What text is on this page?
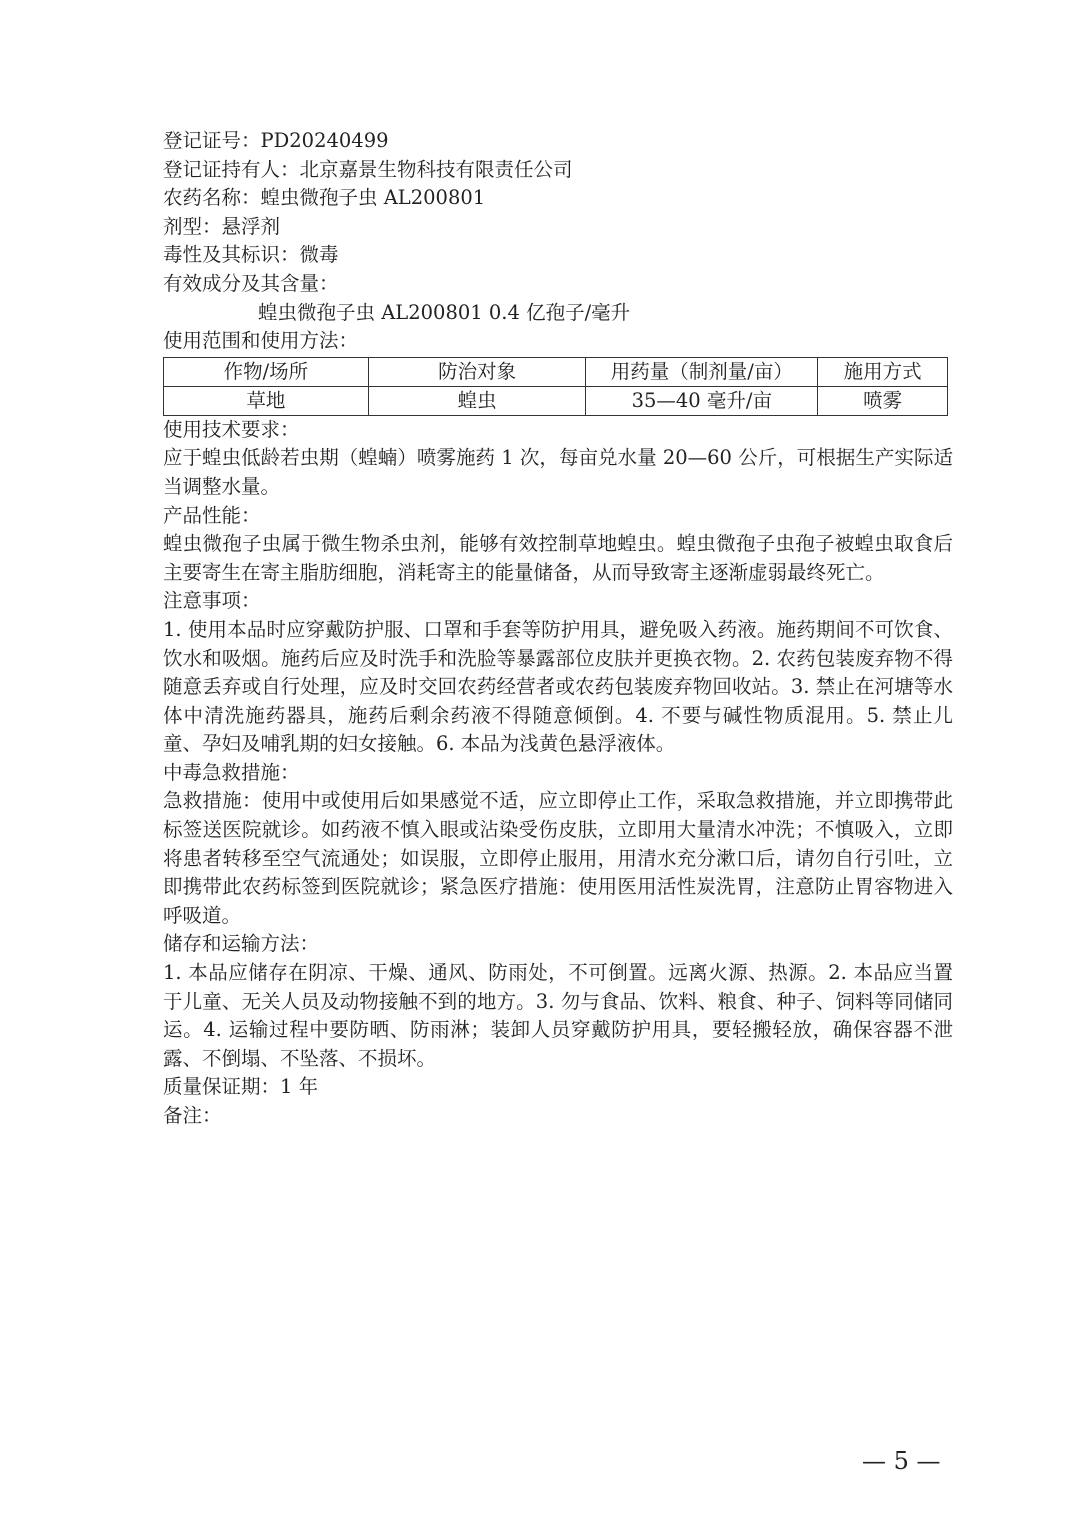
登记证号：PD20240499

登记证持有人：北京嘉景生物科技有限责任公司

农药名称：蝗虫微孢子虫 AL200801

剂型：悬浮剂

毒性及其标识：微毒

有效成分及其含量：

蝗虫微孢子虫 AL200801 0.4 亿孢子/毫升

使用范围和使用方法：

作物/场所	防治对象	用药量（制剂量/亩）	施用方式
草地	蝗虫	35—40 毫升/亩	喷雾

使用技术要求：

应于蝗虫低龄若虫期（蝗蝻）喷雾施药 1 次，每亩兑水量 20—60 公斤，可根据生产实际适当调整水量。

产品性能：

蝗虫微孢子虫属于微生物杀虫剂，能够有效控制草地蝗虫。蝗虫微孢子虫孢子被蝗虫取食后主要寄生在寄主脂肪细胞，消耗寄主的能量储备，从而导致寄主逐渐虚弱最终死亡。

注意事项：

1. 使用本品时应穿戴防护服、口罩和手套等防护用具，避免吸入药液。施药期间不可饮食、饮水和吸烟。施药后应及时洗手和洗脸等暴露部位皮肤并更换衣物。2. 农药包装废弃物不得随意丢弃或自行处理，应及时交回农药经营者或农药包装废弃物回收站。3. 禁止在河塘等水体中清洗施药器具，施药后剩余药液不得随意倾倒。4. 不要与碱性物质混用。5. 禁止儿童、孕妇及哺乳期的妇女接触。6. 本品为浅黄色悬浮液体。

中毒急救措施：

急救措施：使用中或使用后如果感觉不适，应立即停止工作，采取急救措施，并立即携带此标签送医院就诊。如药液不慎入眼或沾染受伤皮肤，立即用大量清水冲洗；不慎吸入，立即将患者转移至空气流通处；如误服，立即停止服用，用清水充分漱口后，请勿自行引吐，立即携带此农药标签到医院就诊；紧急医疗措施：使用医用活性炭洗胃，注意防止胃容物进入呼吸道。

储存和运输方法：

1. 本品应储存在阴凉、干燥、通风、防雨处，不可倒置。远离火源、热源。2. 本品应当置于儿童、无关人员及动物接触不到的地方。3. 勿与食品、饮料、粮食、种子、饲料等同储同运。4. 运输过程中要防晒、防雨淋；装卸人员穿戴防护用具，要轻搬轻放，确保容器不泄露、不倒塌、不坠落、不损坏。

质量保证期：1 年

备注：

— 5 —
